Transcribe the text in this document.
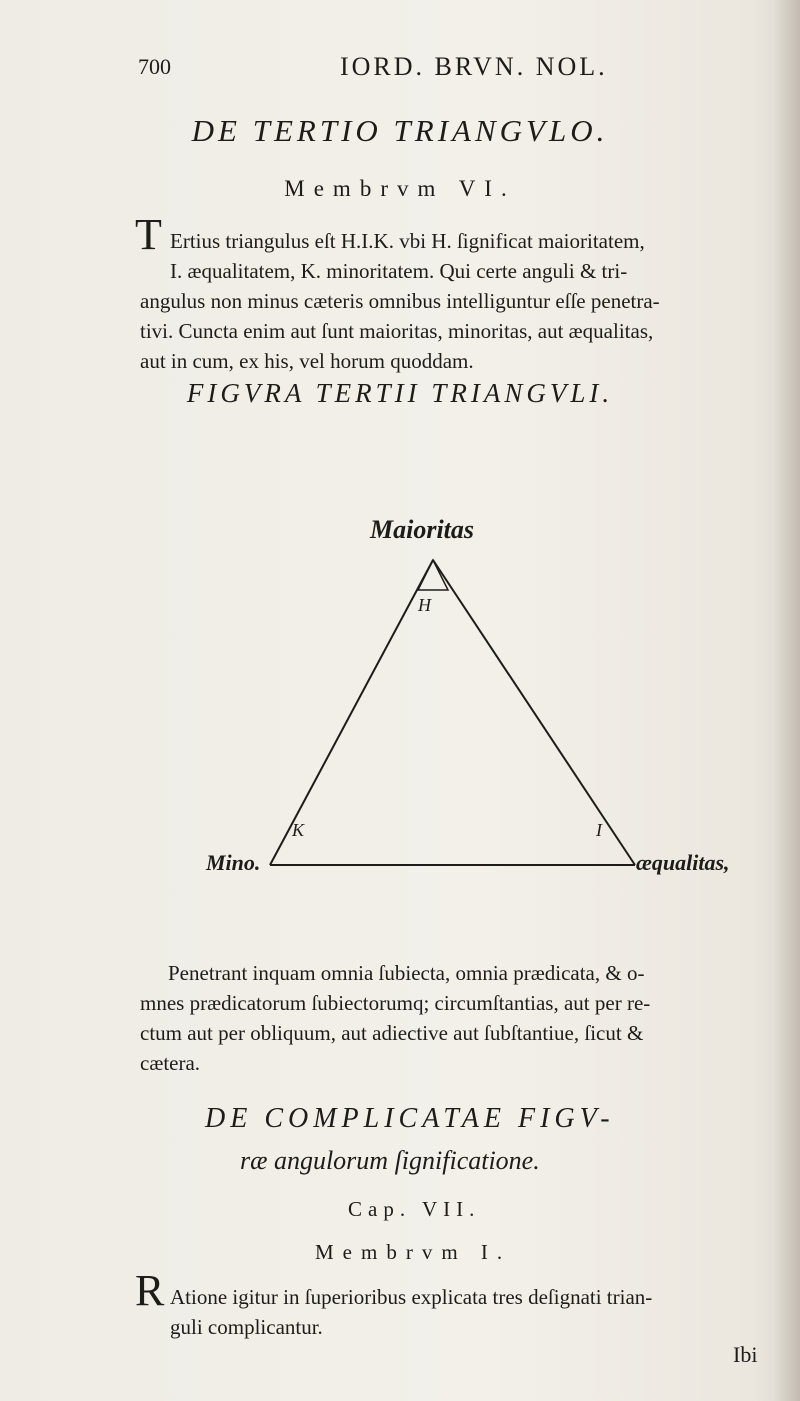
700	IORD. BRVN. NOL.
DE TERTIO TRIANGVLO.
Membrvm VI.
T Ertius triangulus eſt H.I.K. vbi H. ſignificat maioritatem,
I. æqualitatem, K. minoritatem. Qui certe anguli & tri-
angulus non minus cæteris omnibus intelliguntur eſſe penetra-
tivi. Cuncta enim aut ſunt maioritas, minoritas, aut æqualitas,
aut in cum, ex his, vel horum quoddam.
FIGVRA TERTII TRIANGVLI.
Maioritas
H
K	I
Mino.	æqualitas,
Penetrant inquam omnia ſubiecta, omnia prædicata, & o-
mnes prædicatorum ſubiectorumq; circumſtantias, aut per re-
ctum aut per obliquum, aut adiective aut ſubſtantiue, ſicut &
cætera.
DE COMPLICATAE FIGV-
ræ angulorum ſignificatione.
Cap. VII.
Membrvm I.
R Atione igitur in ſuperioribus explicata tres deſignati trian-
guli complicantur.
Ibi
